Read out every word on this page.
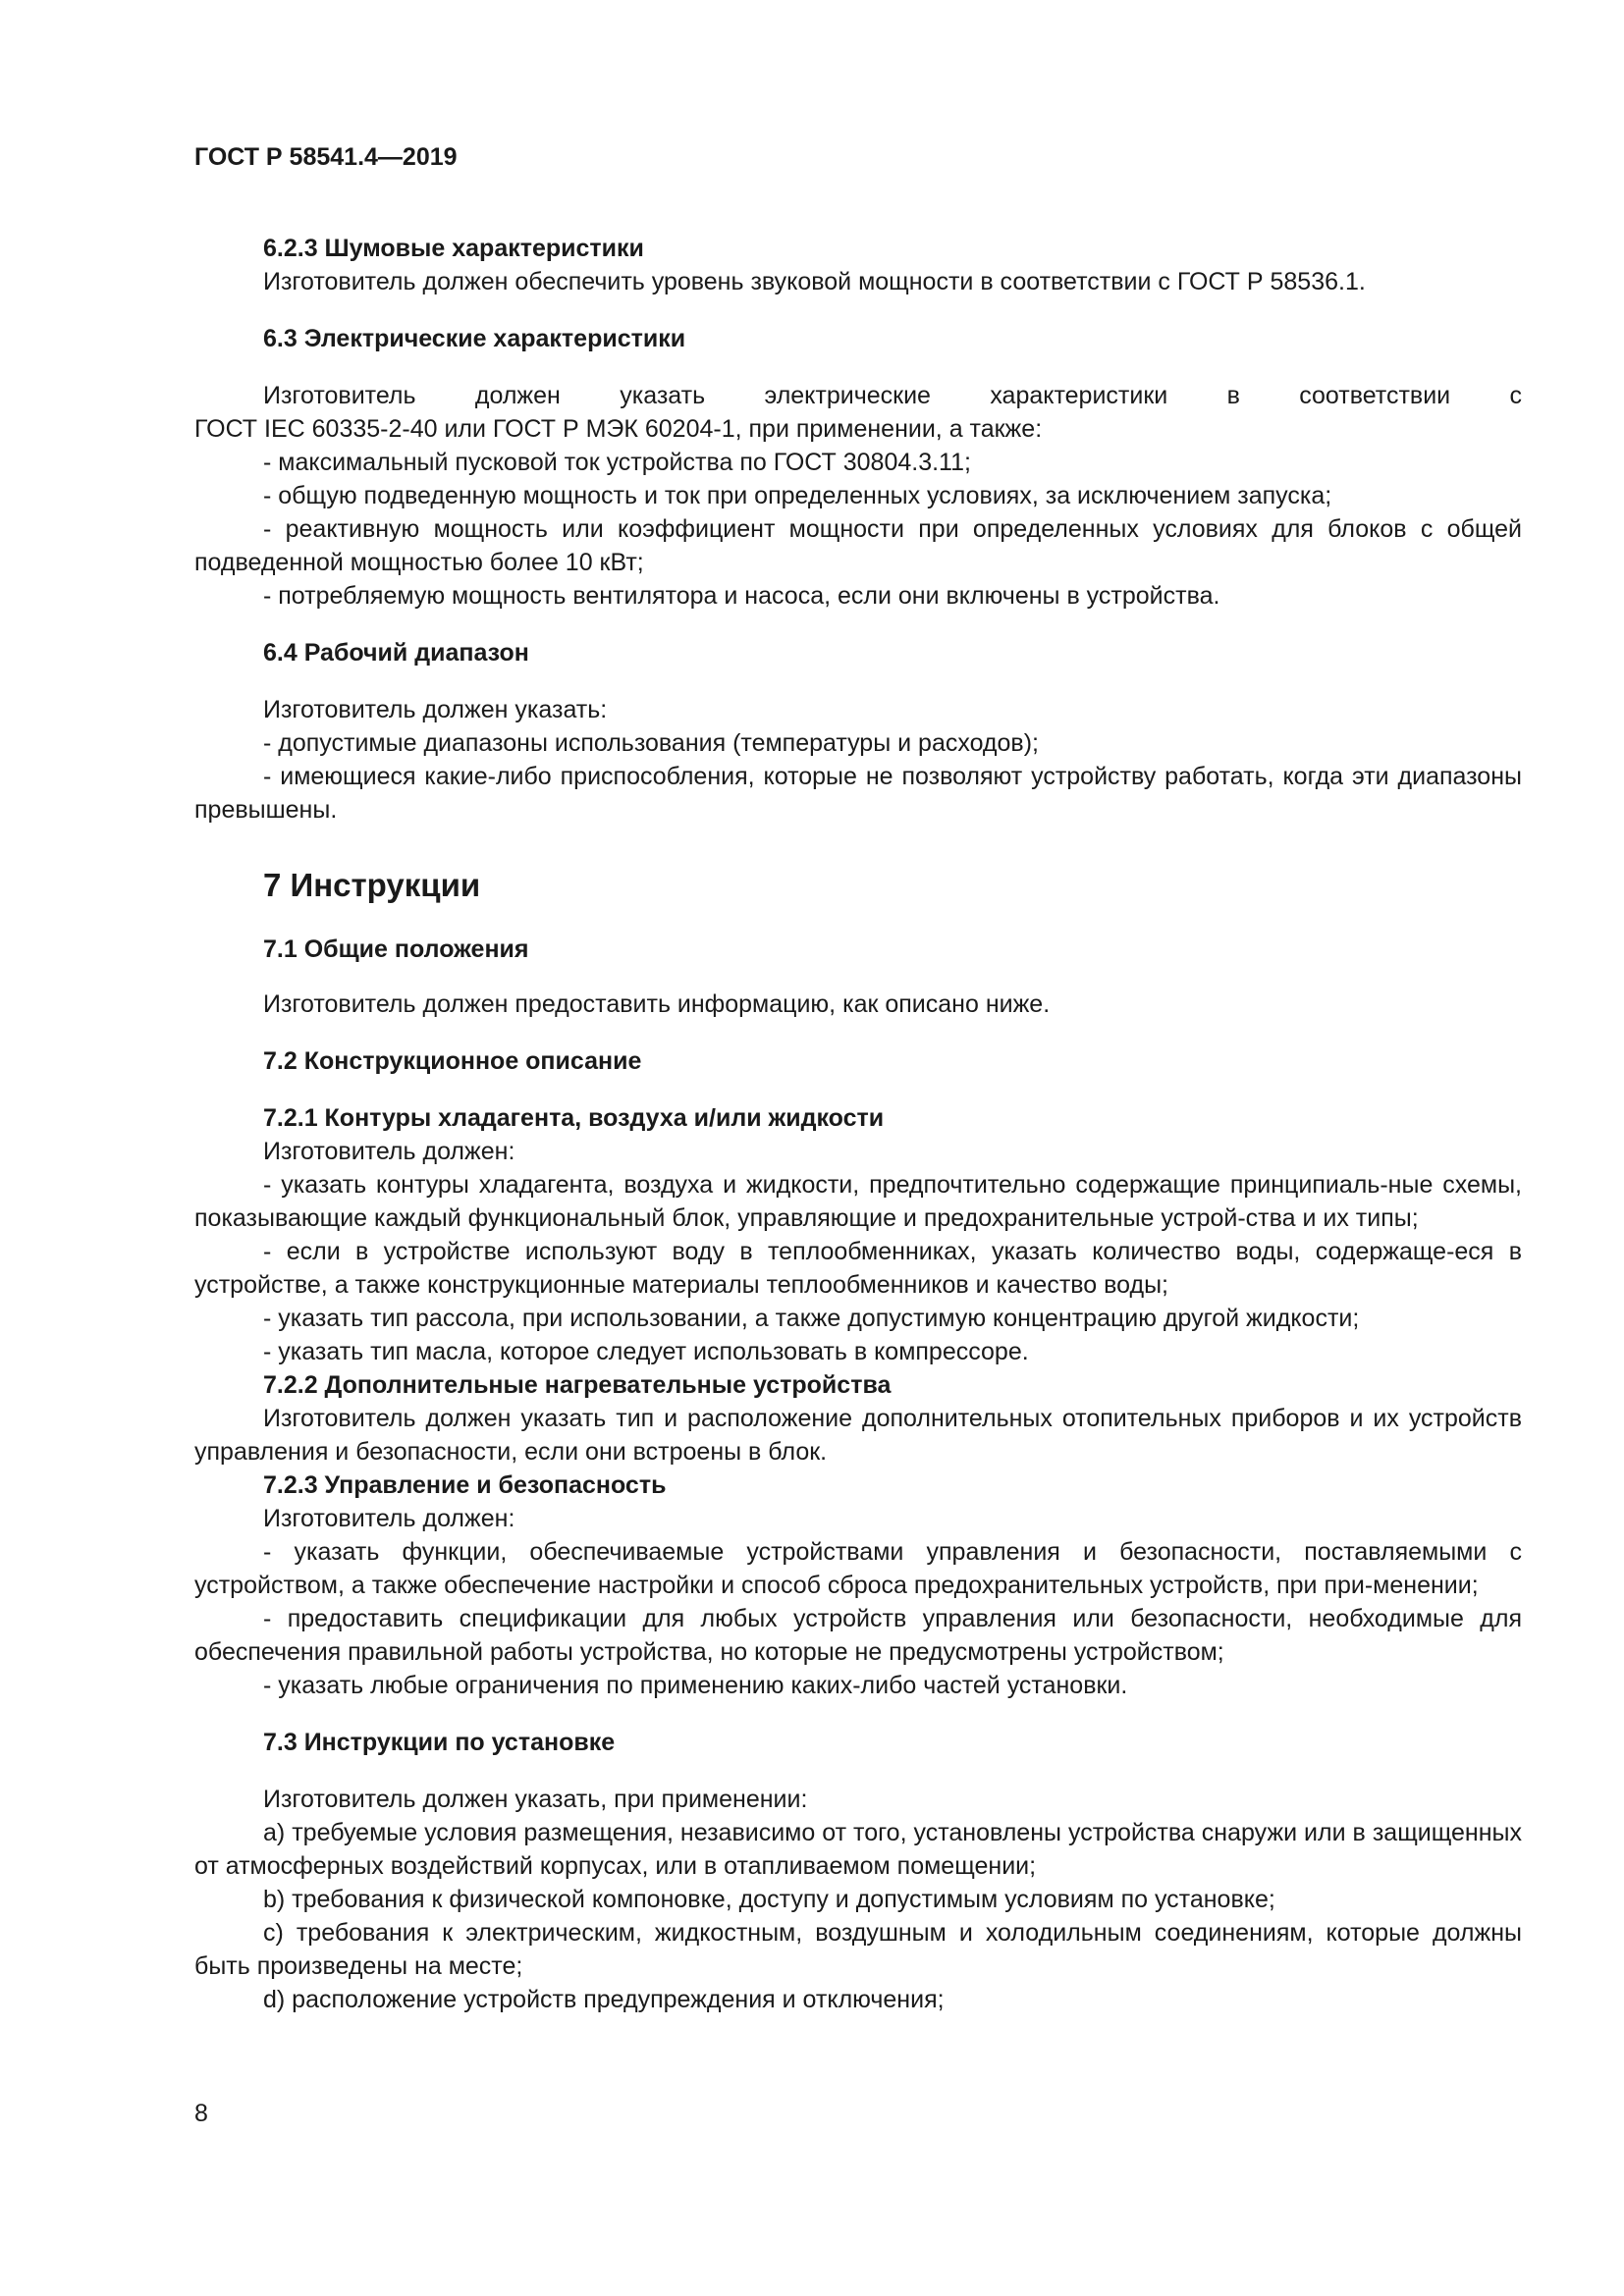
ГОСТ Р 58541.4—2019
6.2.3 Шумовые характеристики

Изготовитель должен обеспечить уровень звуковой мощности в соответствии с ГОСТ Р 58536.1.

6.3 Электрические характеристики

Изготовитель должен указать электрические характеристики в соответствии с

ГОСТ IEC 60335-2-40 или ГОСТ Р МЭК 60204-1, при применении, а также:

- максимальный пусковой ток устройства по ГОСТ 30804.3.11;

- общую подведенную мощность и ток при определенных условиях, за исключением запуска;

- реактивную мощность или коэффициент мощности при определенных условиях для блоков с общей подведенной мощностью более 10 кВт;

- потребляемую мощность вентилятора и насоса, если они включены в устройства.

6.4 Рабочий диапазон

Изготовитель должен указать:

- допустимые диапазоны использования (температуры и расходов);

- имеющиеся какие-либо приспособления, которые не позволяют устройству работать, когда эти диапазоны превышены.

7 Инструкции
7.1 Общие положения

Изготовитель должен предоставить информацию, как описано ниже.

7.2 Конструкционное описание
7.2.1 Контуры хладагента, воздуха и/или жидкости

Изготовитель должен:

- указать контуры хладагента, воздуха и жидкости, предпочтительно содержащие принципиаль-ные схемы, показывающие каждый функциональный блок, управляющие и предохранительные устрой-ства и их типы;

- если в устройстве используют воду в теплообменниках, указать количество воды, содержаще-еся в устройстве, а также конструкционные материалы теплообменников и качество воды;

- указать тип рассола, при использовании, а также допустимую концентрацию другой жидкости;

- указать тип масла, которое следует использовать в компрессоре.

7.2.2 Дополнительные нагревательные устройства

Изготовитель должен указать тип и расположение дополнительных отопительных приборов и их устройств управления и безопасности, если они встроены в блок.

7.2.3 Управление и безопасность

Изготовитель должен:

- указать функции, обеспечиваемые устройствами управления и безопасности, поставляемыми с устройством, а также обеспечение настройки и способ сброса предохранительных устройств, при при-менении;

- предоставить спецификации для любых устройств управления или безопасности, необходимые для обеспечения правильной работы устройства, но которые не предусмотрены устройством;

- указать любые ограничения по применению каких-либо частей установки.

7.3 Инструкции по установке

Изготовитель должен указать, при применении:

a) требуемые условия размещения, независимо от того, установлены устройства снаружи или в защищенных от атмосферных воздействий корпусах, или в отапливаемом помещении;

b) требования к физической компоновке, доступу и допустимым условиям по установке;

c) требования к электрическим, жидкостным, воздушным и холодильным соединениям, которые должны быть произведены на месте;

d) расположение устройств предупреждения и отключения;

8
